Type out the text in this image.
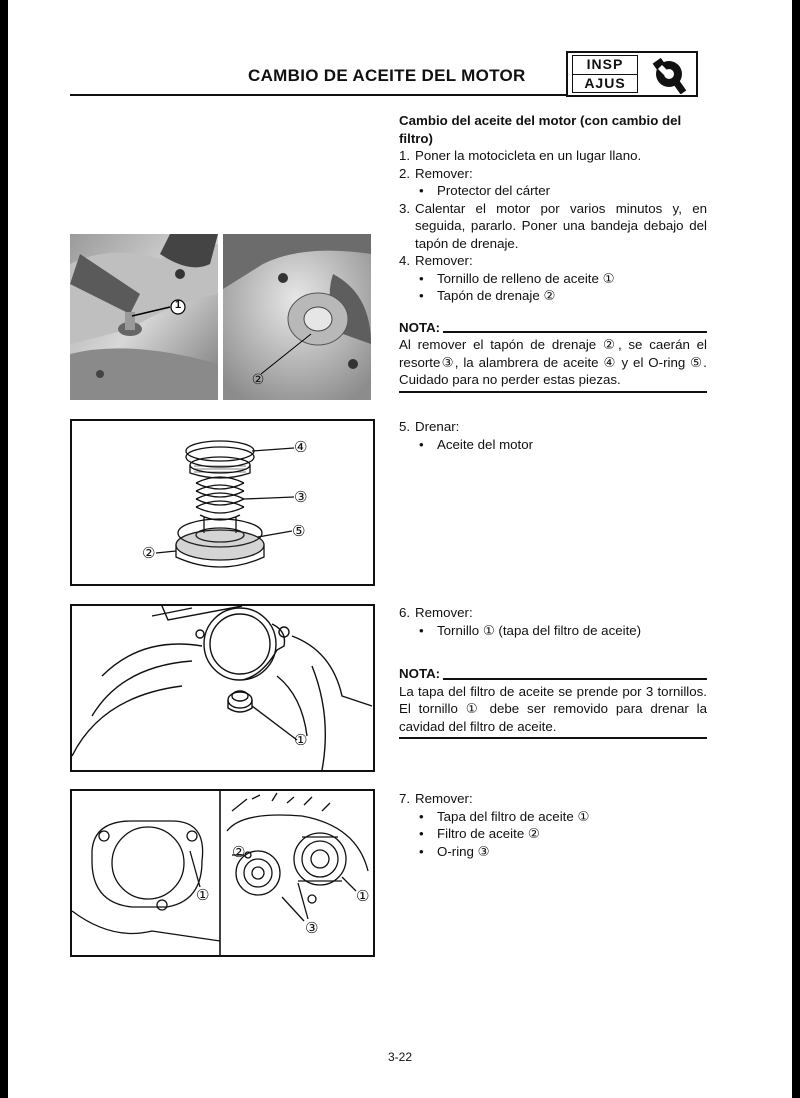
CAMBIO DE ACEITE DEL MOTOR
INSP
AJUS
Cambio del aceite del motor (con cambio del filtro)
1. Poner la motocicleta en un lugar llano.
2. Remover:
• Protector del cárter
3. Calentar el motor por varios minutos y, en seguida, pararlo. Poner una bandeja debajo del tapón de drenaje.
4. Remover:
• Tornillo de relleno de aceite ①
• Tapón de drenaje ②
NOTA:
Al remover el tapón de drenaje ②, se caerán el resorte③, la alambrera de aceite ④ y el O-ring ⑤. Cuidado para no perder estas piezas.
5. Drenar:
• Aceite del motor
6. Remover:
• Tornillo ① (tapa del filtro de aceite)
NOTA:
La tapa del filtro de aceite se prende por 3 tornillos. El tornillo ① debe ser removido para drenar la cavidad del filtro de aceite.
7. Remover:
• Tapa del filtro de aceite ①
• Filtro de aceite ②
• O-ring ③
1
②
④
③
⑤
②
①
①
②
①
③
3-22
